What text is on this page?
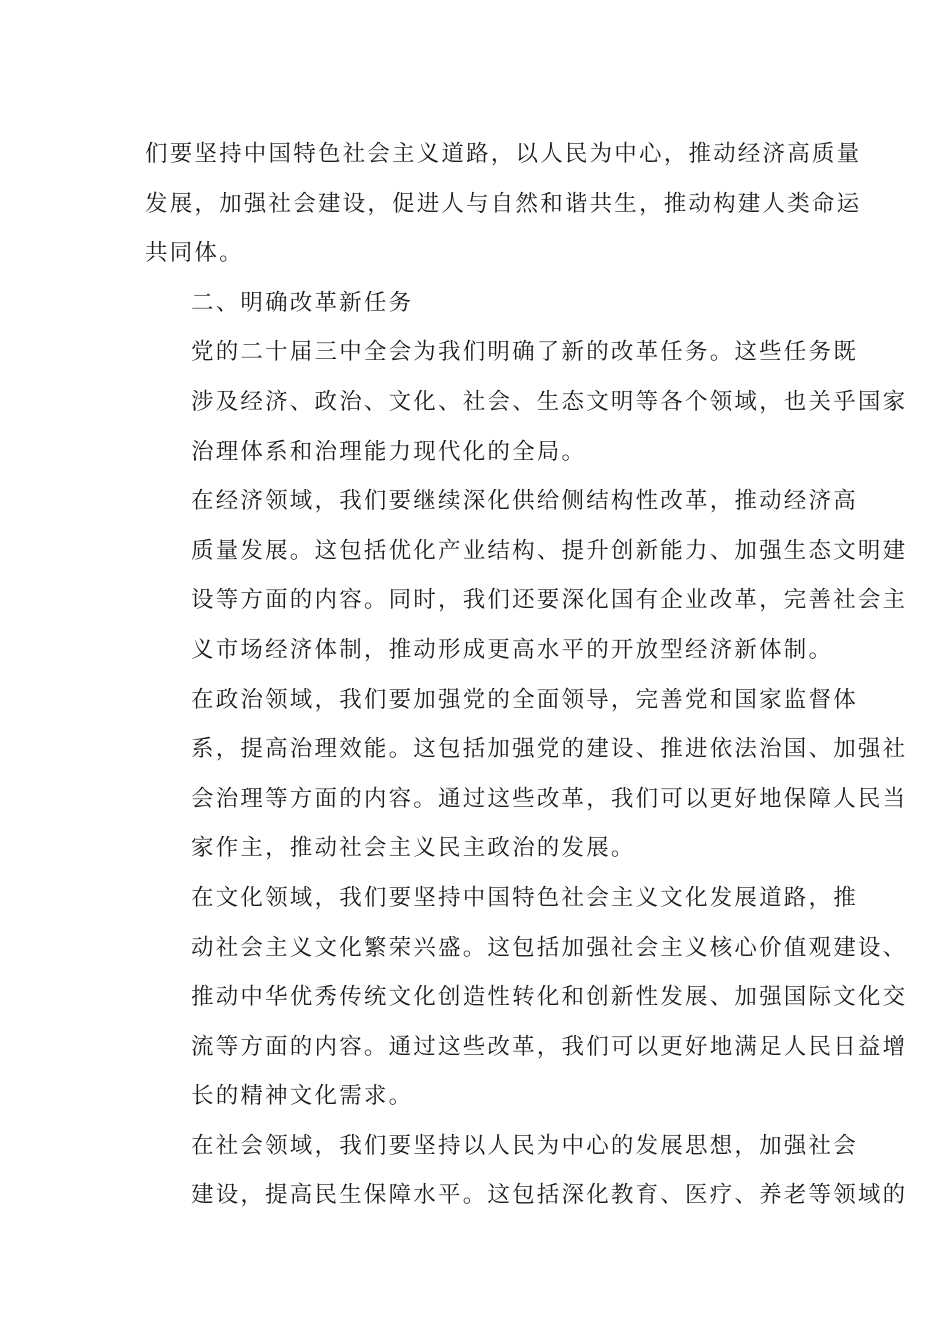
们要坚持中国特色社会主义道路，以人民为中心，推动经济高质量
发展，加强社会建设，促进人与自然和谐共生，推动构建人类命运
共同体。

二、明确改革新任务

党的二十届三中全会为我们明确了新的改革任务。这些任务既
涉及经济、政治、文化、社会、生态文明等各个领域，也关乎国家
治理体系和治理能力现代化的全局。

在经济领域，我们要继续深化供给侧结构性改革，推动经济高
质量发展。这包括优化产业结构、提升创新能力、加强生态文明建
设等方面的内容。同时，我们还要深化国有企业改革，完善社会主
义市场经济体制，推动形成更高水平的开放型经济新体制。

在政治领域，我们要加强党的全面领导，完善党和国家监督体
系，提高治理效能。这包括加强党的建设、推进依法治国、加强社
会治理等方面的内容。通过这些改革，我们可以更好地保障人民当
家作主，推动社会主义民主政治的发展。

在文化领域，我们要坚持中国特色社会主义文化发展道路，推
动社会主义文化繁荣兴盛。这包括加强社会主义核心价值观建设、
推动中华优秀传统文化创造性转化和创新性发展、加强国际文化交
流等方面的内容。通过这些改革，我们可以更好地满足人民日益增
长的精神文化需求。

在社会领域，我们要坚持以人民为中心的发展思想，加强社会
建设，提高民生保障水平。这包括深化教育、医疗、养老等领域的
